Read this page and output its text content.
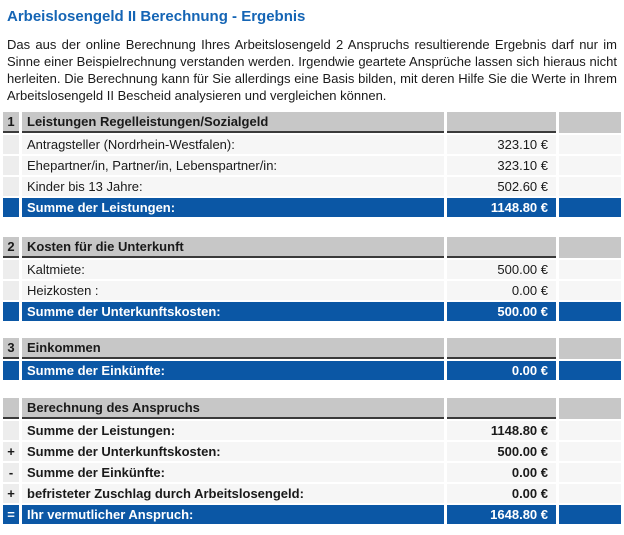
Arbeislosengeld II Berechnung - Ergebnis

Das aus der online Berechnung Ihres Arbeitslosengeld 2 Anspruchs resultierende Ergebnis darf nur im Sinne einer Beispielrechnung verstanden werden. Irgendwie geartete Ansprüche lassen sich hieraus nicht herleiten. Die Berechnung kann für Sie allerdings eine Basis bilden, mit deren Hilfe Sie die Werte in Ihrem Arbeitslosengeld II Bescheid analysieren und vergleichen können.

1	Leistungen Regelleistungen/Sozialgeld		
	Antragsteller (Nordrhein-Westfalen):	323.10 €	
	Ehepartner/in, Partner/in, Lebenspartner/in:	323.10 €	
	Kinder bis 13 Jahre:	502.60 €	
	Summe der Leistungen:	1148.80 €	
2	Kosten für die Unterkunft		
	Kaltmiete:	500.00 €	
	Heizkosten :	0.00 €	
	Summe der Unterkunftskosten:	500.00 €	
3	Einkommen		
	Summe der Einkünfte:	0.00 €	
	Berechnung des Anspruchs		
	Summe der Leistungen:	1148.80 €	
+	Summe der Unterkunftskosten:	500.00 €	
-	Summe der Einkünfte:	0.00 €	
+	befristeter Zuschlag durch Arbeitslosengeld:	0.00 €	
=	Ihr vermutlicher Anspruch:	1648.80 €	
